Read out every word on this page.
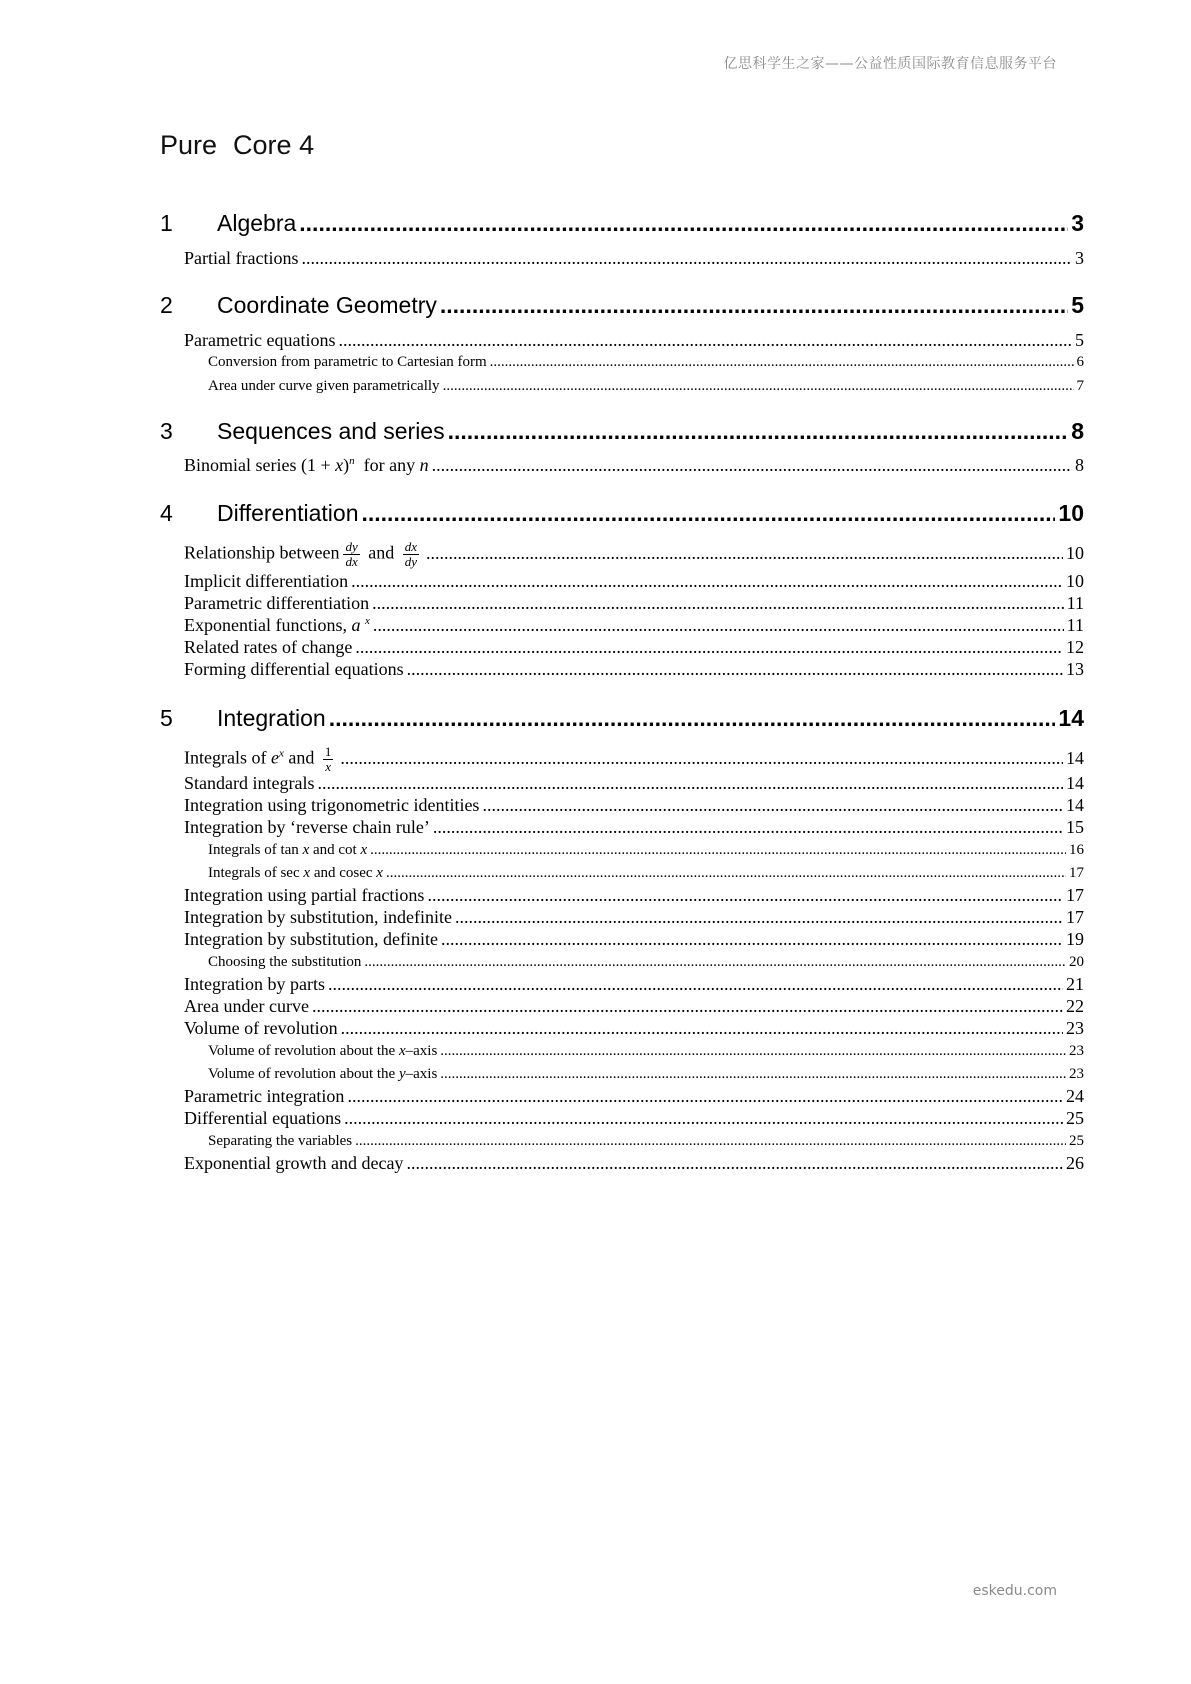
亿思科学生之家——公益性质国际教育信息服务平台
Pure Core 4
1	Algebra .....	3
Partial fractions .....	3
2	Coordinate Geometry .....	5
Parametric equations .....	5
Conversion from parametric to Cartesian form .....	6
Area under curve given parametrically .....	7
3	Sequences and series .....	8
Binomial series $(1 + x)^n$  for any n .....	8
4	Differentiation .....	10
Relationship between $\frac{dy}{dx}$ and $\frac{dx}{dy}$ .....	10
Implicit differentiation .....	10
Parametric differentiation .....	11
Exponential functions, a $^x$ .....	11
Related rates of change .....	12
Forming differential equations .....	13
5	Integration .....	14
Integrals of $e^x$ and $\frac{1}{x}$ .....	14
Standard integrals .....	14
Integration using trigonometric identities .....	14
Integration by ‘reverse chain rule’ .....	15
Integrals of tan x and cot x .....	16
Integrals of sec x and cosec x .....	17
Integration using partial fractions .....	17
Integration by substitution, indefinite .....	17
Integration by substitution, definite .....	19
Choosing the substitution .....	20
Integration by parts .....	21
Area under curve .....	22
Volume of revolution .....	23
Volume of revolution about the x–axis .....	23
Volume of revolution about the y–axis .....	23
Parametric integration .....	24
Differential equations .....	25
Separating the variables .....	25
Exponential growth and decay .....	26
eskedu.com
